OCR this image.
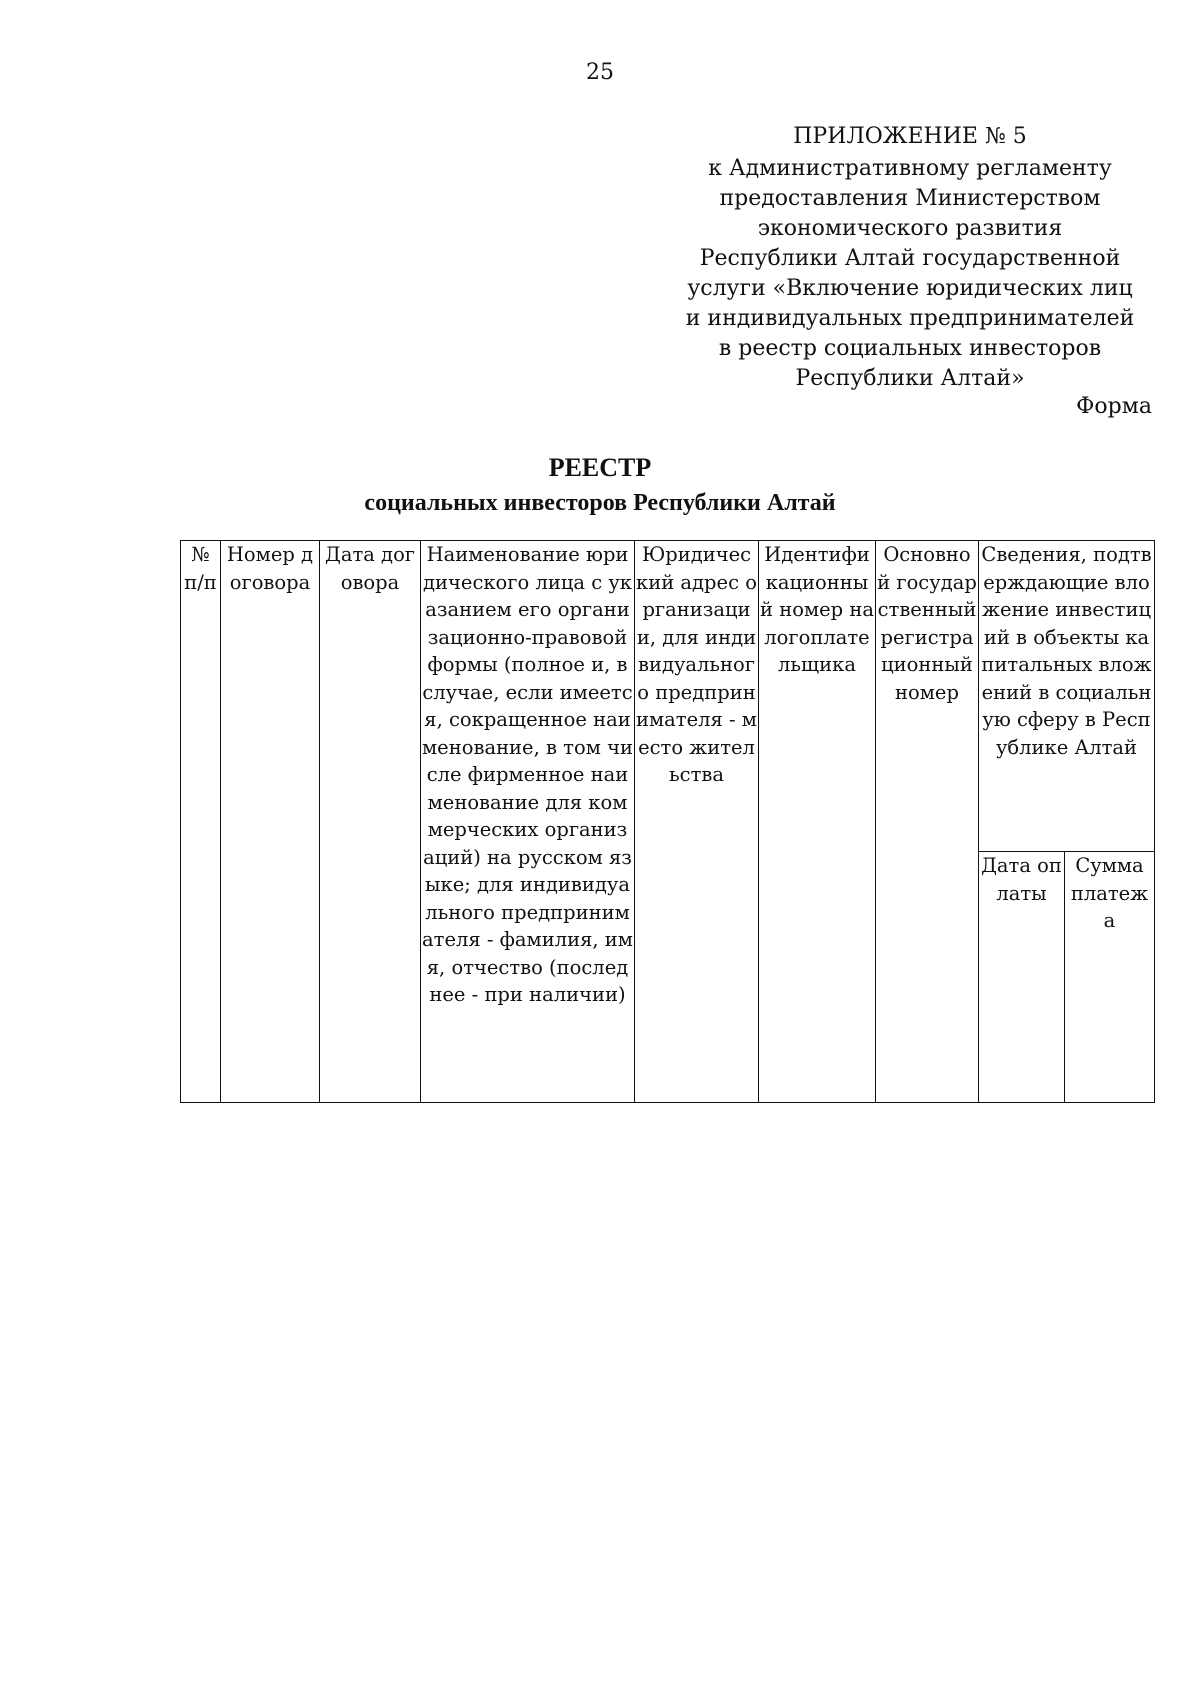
25
ПРИЛОЖЕНИЕ № 5
к Административному регламенту
предоставления Министерством
экономического развития
Республики Алтай государственной
услуги «Включение юридических лиц
и индивидуальных предпринимателей
в реестр социальных инвесторов
Республики Алтай»
Форма
РЕЕСТР
социальных инвесторов Республики Алтай
№ п/п	Номер договора	Дата договора	Наименование юридического лица с указанием его организационно-правовой формы (полное и, в случае, если имеется, сокращенное наименование, в том числе фирменное наименование для коммерческих организаций) на русском языке; для индивидуального предпринимателя - фамилия, имя, отчество (последнее - при наличии)	Юридический адрес организации, для индивидуального предпринимателя - место жительства	Идентификационный номер налогоплательщика	Основной государственный регистрационный номер	Сведения, подтверждающие вложение инвестиций в объекты капитальных вложений в социальную сферу в Республике Алтай	
							Дата оплаты	Сумма платежа
